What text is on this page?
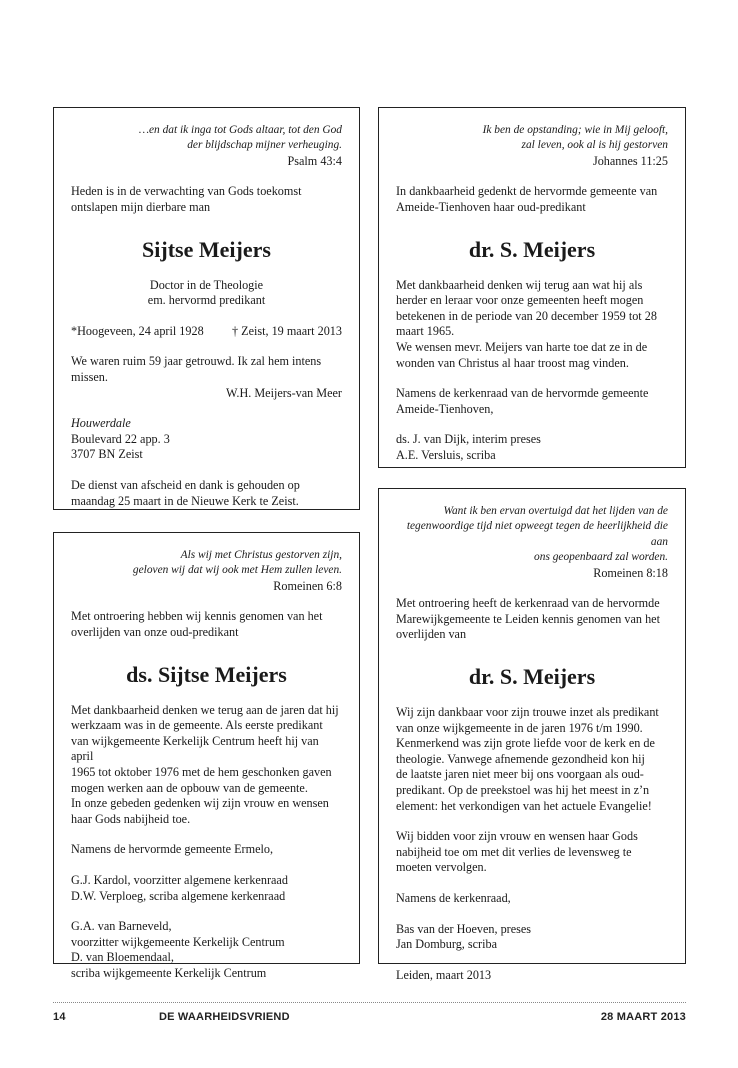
…en dat ik inga tot Gods altaar, tot den God
der blijdschap mijner verheuging.
Psalm 43:4

Heden is in de verwachting van Gods toekomst
ontslapen mijn dierbare man

Sijtse Meijers

Doctor in de Theologie
em. hervormd predikant

*Hoogeveen, 24 april 1928 † Zeist, 19 maart 2013

We waren ruim 59 jaar getrouwd. Ik zal hem intens
missen.

W.H. Meijers-van Meer

Houwerdale
Boulevard 22 app. 3
3707 BN Zeist

De dienst van afscheid en dank is gehouden op
maandag 25 maart in de Nieuwe Kerk te Zeist.

Ik ben de opstanding; wie in Mij gelooft,
zal leven, ook al is hij gestorven
Johannes 11:25

In dankbaarheid gedenkt de hervormde gemeente van
Ameide-Tienhoven haar oud-predikant

dr. S. Meijers

Met dankbaarheid denken wij terug aan wat hij als
herder en leraar voor onze gemeenten heeft mogen
betekenen in de periode van 20 december 1959 tot 28
maart 1965.
We wensen mevr. Meijers van harte toe dat ze in de
wonden van Christus al haar troost mag vinden.

Namens de kerkenraad van de hervormde gemeente
Ameide-Tienhoven,

ds. J. van Dijk, interim preses
A.E. Versluis, scriba

Als wij met Christus gestorven zijn,
geloven wij dat wij ook met Hem zullen leven.
Romeinen 6:8

Met ontroering hebben wij kennis genomen van het
overlijden van onze oud-predikant

ds. Sijtse Meijers

Met dankbaarheid denken we terug aan de jaren dat hij
werkzaam was in de gemeente. Als eerste predikant
van wijkgemeente Kerkelijk Centrum heeft hij van april
1965 tot oktober 1976 met de hem geschonken gaven
mogen werken aan de opbouw van de gemeente.
In onze gebeden gedenken wij zijn vrouw en wensen
haar Gods nabijheid toe.

Namens de hervormde gemeente Ermelo,

G.J. Kardol, voorzitter algemene kerkenraad
D.W. Verploeg, scriba algemene kerkenraad

G.A. van Barneveld,
voorzitter wijkgemeente Kerkelijk Centrum
D. van Bloemendaal,
scriba wijkgemeente Kerkelijk Centrum

Want ik ben ervan overtuigd dat het lijden van de
tegenwoordige tijd niet opweegt tegen de heerlijkheid die aan
ons geopenbaard zal worden.
Romeinen 8:18

Met ontroering heeft de kerkenraad van de hervormde
Marewijkgemeente te Leiden kennis genomen van het
overlijden van

dr. S. Meijers

Wij zijn dankbaar voor zijn trouwe inzet als predikant
van onze wijkgemeente in de jaren 1976 t/m 1990.
Kenmerkend was zijn grote liefde voor de kerk en de
theologie. Vanwege afnemende gezondheid kon hij
de laatste jaren niet meer bij ons voorgaan als oud-
predikant. Op de preekstoel was hij het meest in z’n
element: het verkondigen van het actuele Evangelie!

Wij bidden voor zijn vrouw en wensen haar Gods
nabijheid toe om met dit verlies de levensweg te
moeten vervolgen.

Namens de kerkenraad,

Bas van der Hoeven, preses
Jan Domburg, scriba

Leiden, maart 2013

14	DE WAARHEIDSVRIEND	28 MAART 2013
